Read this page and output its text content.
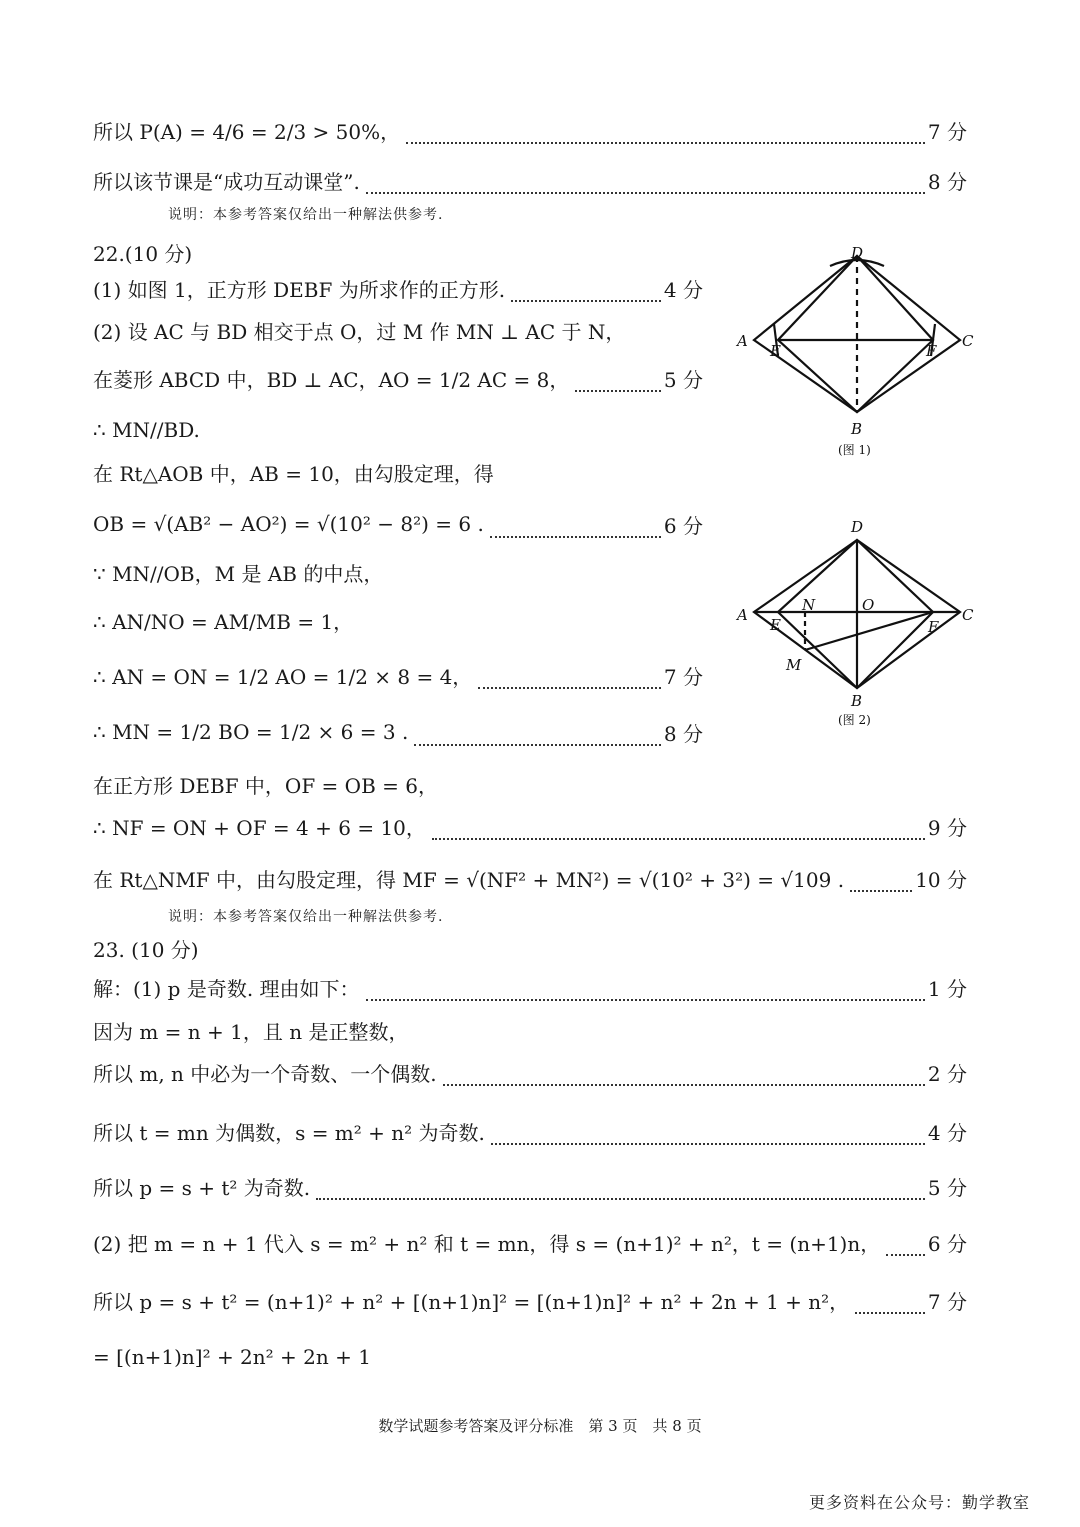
所以 P(A) = 4/6 = 2/3 > 50%，	7 分
所以该节课是“成功互动课堂”.	8 分
说明：本参考答案仅给出一种解法供参考.
22.(10 分)
(1) 如图 1，正方形 DEBF 为所求作的正方形.	4 分
(2) 设 AC 与 BD 相交于点 O，过 M 作 MN ⊥ AC 于 N，
在菱形 ABCD 中，BD ⊥ AC，AO = 1/2 AC = 8，	5 分
∴ MN//BD.
在 Rt△AOB 中，AB = 10，由勾股定理，得
OB = √(AB² − AO²) = √(10² − 8²) = 6 .	6 分
∵ MN//OB，M 是 AB 的中点，
∴ AN/NO = AM/MB = 1，
∴ AN = ON = 1/2 AO = 1/2 × 8 = 4，	7 分
∴ MN = 1/2 BO = 1/2 × 6 = 3 .	8 分
在正方形 DEBF 中，OF = OB = 6，
∴ NF = ON + OF = 4 + 6 = 10，	9 分
在 Rt△NMF 中，由勾股定理，得 MF = √(NF² + MN²) = √(10² + 3²) = √109 .	10 分
说明：本参考答案仅给出一种解法供参考.
23. (10 分)
解：(1) p 是奇数. 理由如下：	1 分
因为 m = n + 1，且 n 是正整数，
所以 m, n 中必为一个奇数、一个偶数.	2 分
所以 t = mn 为偶数，s = m² + n² 为奇数.	4 分
所以 p = s + t² 为奇数.	5 分
(2) 把 m = n + 1 代入 s = m² + n² 和 t = mn，得 s = (n+1)² + n²，t = (n+1)n， 6 分
所以 p = s + t² = (n+1)² + n² + [(n+1)n]² = [(n+1)n]² + n² + 2n + 1 + n²，	7 分
= [(n+1)n]² + 2n² + 2n + 1
D
A
E	F
C
B
(图 1)
D
A
N	O
C
E	F
M
B
(图 2)
数学试题参考答案及评分标准　第 3 页　共 8 页
更多资料在公众号：勤学教室
